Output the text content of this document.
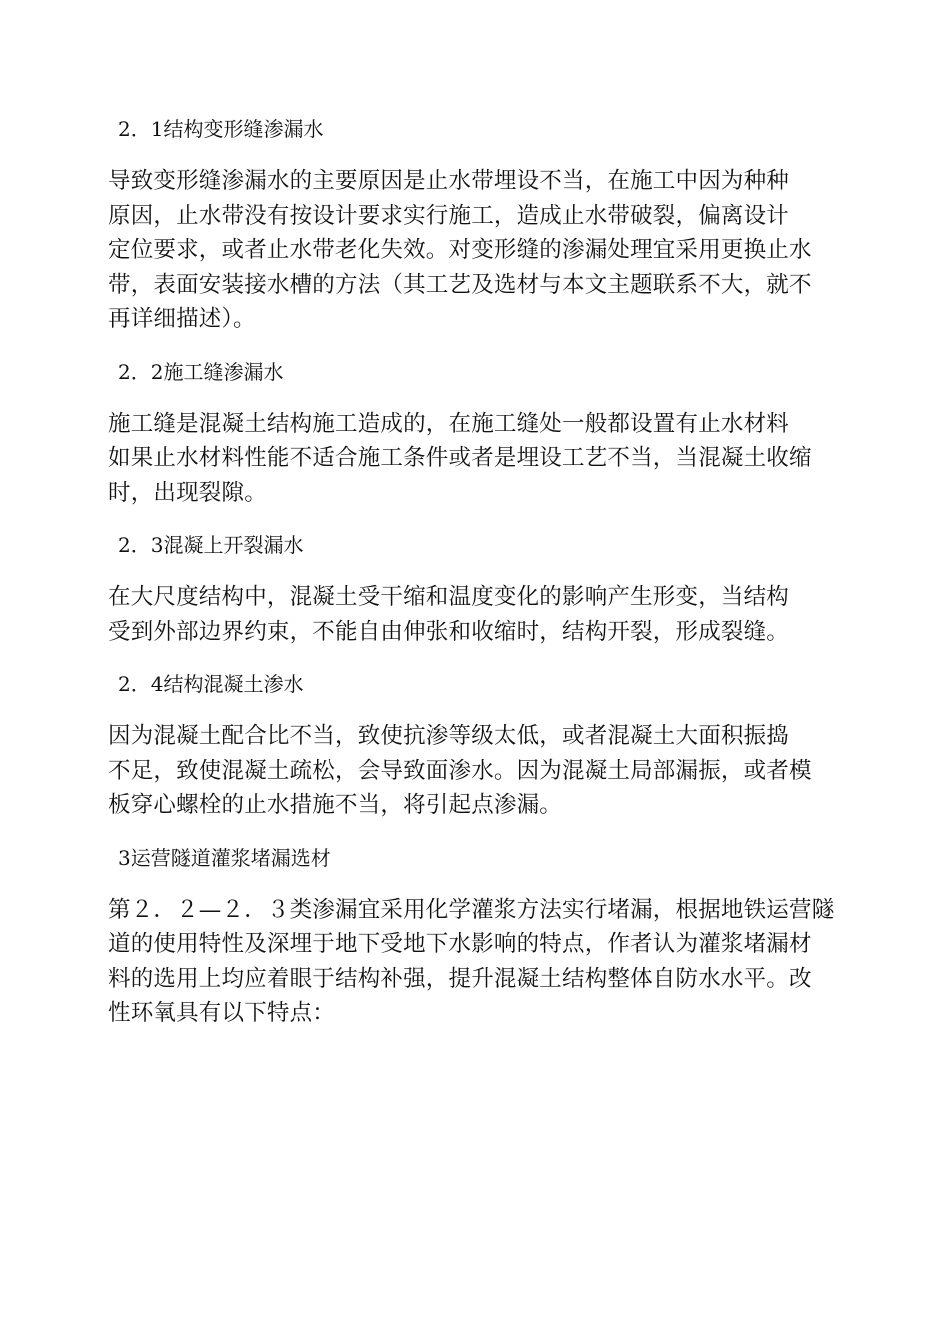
2．1结构变形缝渗漏水

导致变形缝渗漏水的主要原因是止水带埋设不当，在施工中因为种种
原因，止水带没有按设计要求实行施工，造成止水带破裂，偏离设计
定位要求，或者止水带老化失效。对变形缝的渗漏处理宜采用更换止水
带，表面安装接水槽的方法（其工艺及选材与本文主题联系不大，就不
再详细描述）。

2．2施工缝渗漏水

施工缝是混凝土结构施工造成的，在施工缝处一般都设置有止水材料
如果止水材料性能不适合施工条件或者是埋设工艺不当，当混凝土收缩
时，出现裂隙。

2．3混凝上开裂漏水

在大尺度结构中，混凝土受干缩和温度变化的影响产生形变，当结构
受到外部边界约束，不能自由伸张和收缩时，结构开裂，形成裂缝。

2．4结构混凝土渗水

因为混凝土配合比不当，致使抗渗等级太低，或者混凝土大面积振捣
不足，致使混凝土疏松，会导致面渗水。因为混凝土局部漏振，或者模
板穿心螺栓的止水措施不当，将引起点渗漏。

3运营隧道灌浆堵漏选材

第２．２—２．３类渗漏宜采用化学灌浆方法实行堵漏，根据地铁运营隧
道的使用特性及深埋于地下受地下水影响的特点，作者认为灌浆堵漏材
料的选用上均应着眼于结构补强，提升混凝土结构整体自防水水平。改
性环氧具有以下特点：
